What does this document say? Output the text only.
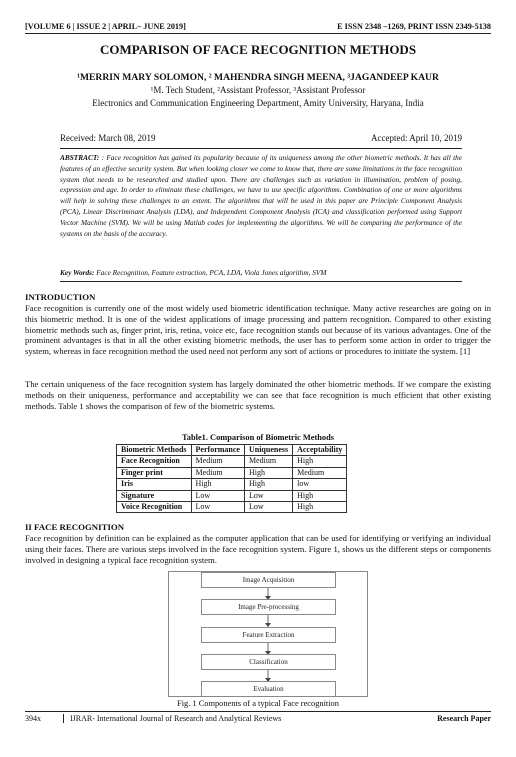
[VOLUME 6 | ISSUE 2 | APRIL– JUNE 2019]	E ISSN 2348 –1269, PRINT ISSN 2349-5138
COMPARISON OF FACE RECOGNITION METHODS
¹MERRIN MARY SOLOMON, ² MAHENDRA SINGH MEENA, ³JAGANDEEP KAUR
¹M. Tech Student, ²Assistant Professor, ³Assistant Professor
Electronics and Communication Engineering Department, Amity University, Haryana, India
Received: March 08, 2019	Accepted: April 10, 2019
ABSTRACT: : Face recognition has gained its popularity because of its uniqueness among the other biometric methods. It has all the features of an effective security system. But when looking closer we come to know that, there are some limitations in the face recognition system that needs to be researched and studied upon. There are challenges such as variation in illumination, problem of posing, expression and age. In order to eliminate these challenges, we have to use specific algorithms. Combination of one or more algorithms will help in solving these challenges to an extent. The algorithms that will be used in this paper are Principle Component Analysis (PCA), Linear Discriminant Analysis (LDA), and Independent Component Analysis (ICA) and classification performed using Support Vector Machine (SVM). We will be using Matlab codes for implementing the algorithms. We will be comparing the performance of the systems on the basis of the accuracy.
Key Words: Face Recognition, Feature extraction, PCA, LDA, Viola Jones algorithm, SVM
INTRODUCTION
Face recognition is currently one of the most widely used biometric identification technique. Many active researches are going on in this biometric method. It is one of the widest applications of image processing and pattern recognition. Compared to other existing biometric methods such as, finger print, iris, retina, voice etc, face recognition stands out because of its various advantages. One of the prominent advantages is that in all the other existing biometric methods, the user has to perform some action in order to trigger the system, whereas in face recognition method the used need not perform any sort of actions or procedures to initiate the system. [1]
The certain uniqueness of the face recognition system has largely dominated the other biometric methods. If we compare the existing methods on their uniqueness, performance and acceptability we can see that face recognition is much efficient that other existing methods. Table 1 shows the comparison of few of the biometric systems.
Table1. Comparison of Biometric Methods
Biometric Methods	Performance	Uniqueness	Acceptability
Face Recognition	Medium	Medium	High
Finger print	Medium	High	Medium
Iris	High	High	low
Signature	Low	Low	High
Voice Recognition	Low	Low	High
II FACE RECOGNITION
Face recognition by definition can be explained as the computer application that can be used for identifying or verifying an individual using their faces. There are various steps involved in the face recognition system. Figure 1, shows us the different steps or components involved in designing a typical face recognition system.
Image Acquisition
Image Pre-processing
Feature Extraction
Classification
Evaluation
Fig. 1 Components of a typical Face recognition
394x	IJRAR- International Journal of Research and Analytical Reviews	Research Paper
